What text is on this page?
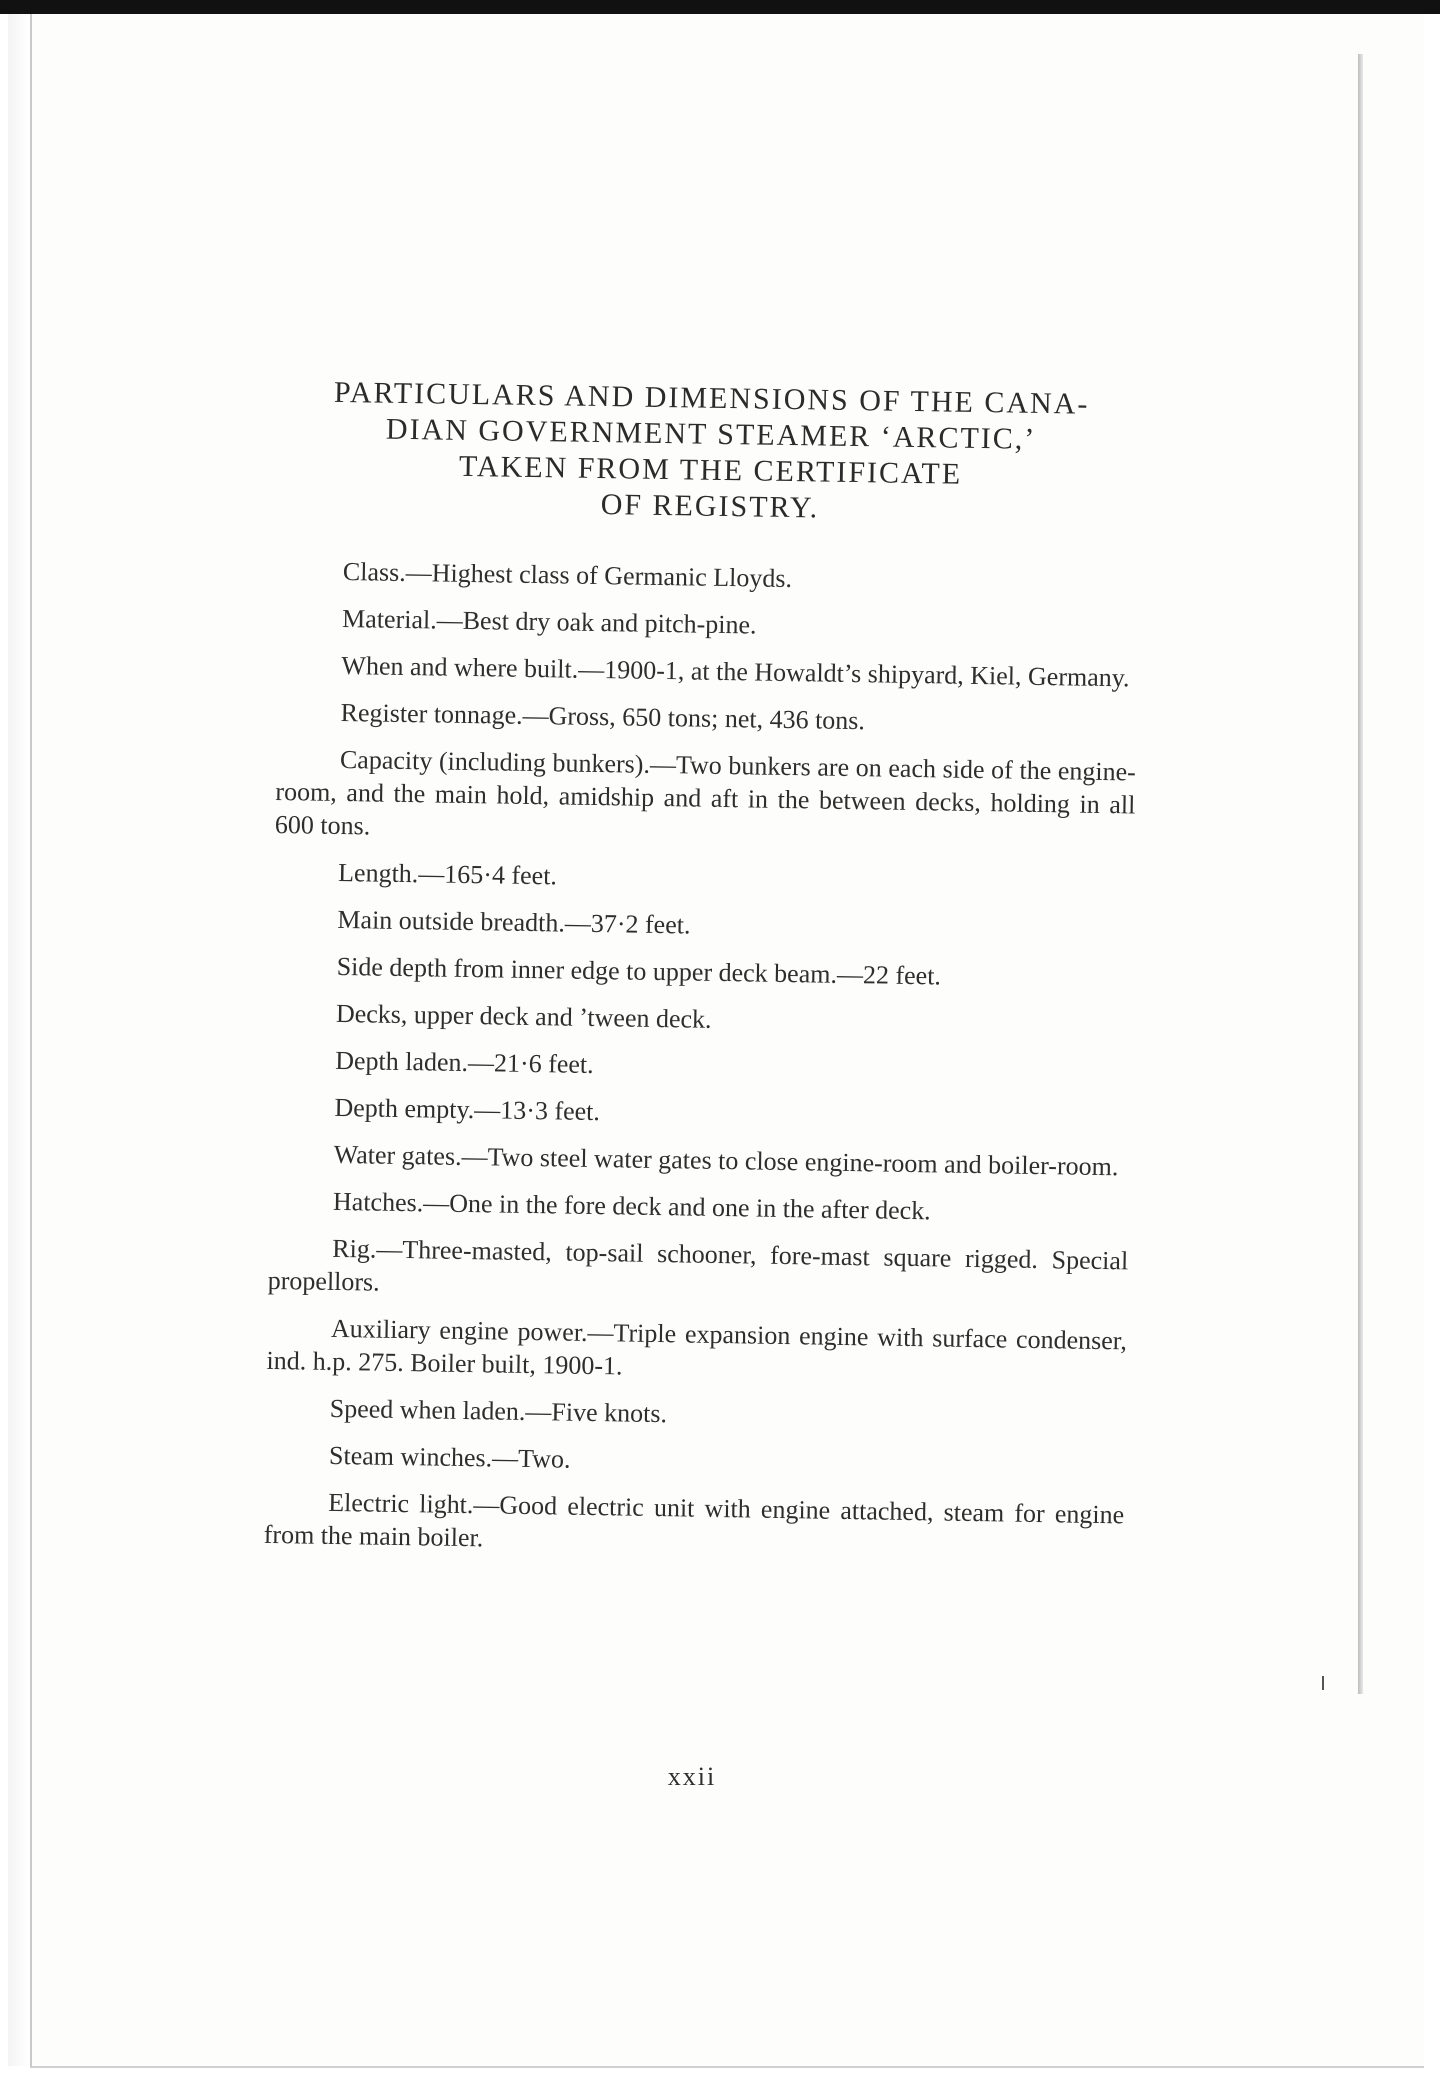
PARTICULARS AND DIMENSIONS OF THE CANA-
DIAN GOVERNMENT STEAMER ‘ARCTIC,’
TAKEN FROM THE CERTIFICATE
OF REGISTRY.

Class.—Highest class of Germanic Lloyds.

Material.—Best dry oak and pitch-pine.

When and where built.—1900-1, at the Howaldt’s shipyard, Kiel, Germany.

Register tonnage.—Gross, 650 tons; net, 436 tons.

Capacity (including bunkers).—Two bunkers are on each side of the engine-room, and the main hold, amidship and aft in the between decks, holding in all 600 tons.

Length.—165·4 feet.

Main outside breadth.—37·2 feet.

Side depth from inner edge to upper deck beam.—22 feet.

Decks, upper deck and ’tween deck.

Depth laden.—21·6 feet.

Depth empty.—13·3 feet.

Water gates.—Two steel water gates to close engine-room and boiler-room.

Hatches.—One in the fore deck and one in the after deck.

Rig.—Three-masted, top-sail schooner, fore-mast square rigged. Special propellors.

Auxiliary engine power.—Triple expansion engine with surface condenser, ind. h.p. 275. Boiler built, 1900-1.

Speed when laden.—Five knots.

Steam winches.—Two.

Electric light.—Good electric unit with engine attached, steam for engine from the main boiler.

xxii
